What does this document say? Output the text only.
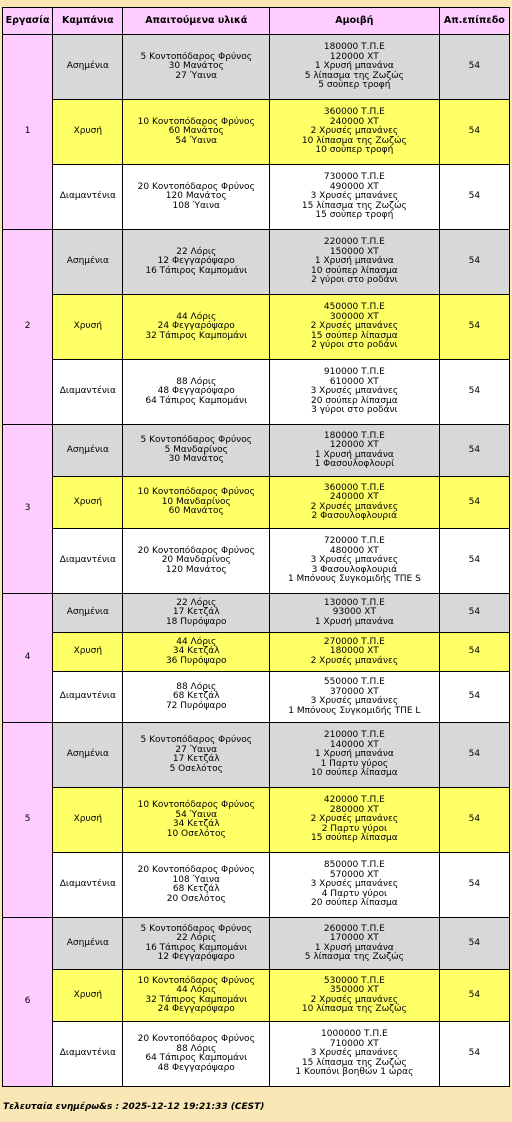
Εργασία	Καμπάνια	Απαιτούμενα υλικά	Αμοιβή	Απ.επίπεδο
1	Ασημένια	5 Κοντοπόδαρος Φρύνος
30 Μανάτος
27 Ύαινα	180000 Τ.Π.Ε
120000 ΧΤ
1 Χρυσή μπανάνα
5 λίπασμα της Ζωζώς
5 σούπερ τροφή	54
	Χρυσή	10 Κοντοπόδαρος Φρύνος
60 Μανάτος
54 Ύαινα	360000 Τ.Π.Ε
240000 ΧΤ
2 Χρυσές μπανάνες
10 λίπασμα της Ζωζώς
10 σούπερ τροφή	54
	Διαμαντένια	20 Κοντοπόδαρος Φρύνος
120 Μανάτος
108 Ύαινα	730000 Τ.Π.Ε
490000 ΧΤ
3 Χρυσές μπανάνες
15 λίπασμα της Ζωζώς
15 σούπερ τροφή	54
2	Ασημένια	22 Λόρις
12 Φεγγαρόψαρο
16 Τάπιρος Καμπομάνι	220000 Τ.Π.Ε
150000 ΧΤ
1 Χρυσή μπανάνα
10 σούπερ λίπασμα
2 γύροι στο ροδάνι	54
	Χρυσή	44 Λόρις
24 Φεγγαρόψαρο
32 Τάπιρος Καμπομάνι	450000 Τ.Π.Ε
300000 ΧΤ
2 Χρυσές μπανάνες
15 σούπερ λίπασμα
2 γύροι στο ροδάνι	54
	Διαμαντένια	88 Λόρις
48 Φεγγαρόψαρο
64 Τάπιρος Καμπομάνι	910000 Τ.Π.Ε
610000 ΧΤ
3 Χρυσές μπανάνες
20 σούπερ λίπασμα
3 γύροι στο ροδάνι	54
3	Ασημένια	5 Κοντοπόδαρος Φρύνος
5 Μανδαρίνος
30 Μανάτος	180000 Τ.Π.Ε
120000 ΧΤ
1 Χρυσή μπανάνα
1 Φασουλοφλουρί	54
	Χρυσή	10 Κοντοπόδαρος Φρύνος
10 Μανδαρίνος
60 Μανάτος	360000 Τ.Π.Ε
240000 ΧΤ
2 Χρυσές μπανάνες
2 Φασουλοφλουριά	54
	Διαμαντένια	20 Κοντοπόδαρος Φρύνος
20 Μανδαρίνος
120 Μανάτος	720000 Τ.Π.Ε
480000 ΧΤ
3 Χρυσές μπανάνες
3 Φασουλοφλουριά
1 Μπόνους Συγκομιδής ΤΠΕ S	54
4	Ασημένια	22 Λόρις
17 Κετζάλ
18 Πυρόψαρο	130000 Τ.Π.Ε
93000 ΧΤ
1 Χρυσή μπανάνα	54
	Χρυσή	44 Λόρις
34 Κετζάλ
36 Πυρόψαρο	270000 Τ.Π.Ε
180000 ΧΤ
2 Χρυσές μπανάνες	54
	Διαμαντένια	88 Λόρις
68 Κετζάλ
72 Πυρόψαρο	550000 Τ.Π.Ε
370000 ΧΤ
3 Χρυσές μπανάνες
1 Μπόνους Συγκομιδής ΤΠΕ L	54
5	Ασημένια	5 Κοντοπόδαρος Φρύνος
27 Ύαινα
17 Κετζάλ
5 Οσελότος	210000 Τ.Π.Ε
140000 ΧΤ
1 Χρυσή μπανάνα
1 Παρτυ γύρος
10 σούπερ λίπασμα	54
	Χρυσή	10 Κοντοπόδαρος Φρύνος
54 Ύαινα
34 Κετζάλ
10 Οσελότος	420000 Τ.Π.Ε
280000 ΧΤ
2 Χρυσές μπανάνες
2 Παρτυ γύροι
15 σούπερ λίπασμα	54
	Διαμαντένια	20 Κοντοπόδαρος Φρύνος
108 Ύαινα
68 Κετζάλ
20 Οσελότος	850000 Τ.Π.Ε
570000 ΧΤ
3 Χρυσές μπανάνες
4 Παρτυ γύροι
20 σούπερ λίπασμα	54
6	Ασημένια	5 Κοντοπόδαρος Φρύνος
22 Λόρις
16 Τάπιρος Καμπομάνι
12 Φεγγαρόψαρο	260000 Τ.Π.Ε
170000 ΧΤ
1 Χρυσή μπανάνα
5 λίπασμα της Ζωζώς	54
	Χρυσή	10 Κοντοπόδαρος Φρύνος
44 Λόρις
32 Τάπιρος Καμπομάνι
24 Φεγγαρόψαρο	530000 Τ.Π.Ε
350000 ΧΤ
2 Χρυσές μπανάνες
10 λίπασμα της Ζωζώς	54
	Διαμαντένια	20 Κοντοπόδαρος Φρύνος
88 Λόρις
64 Τάπιρος Καμπομάνι
48 Φεγγαρόψαρο	1000000 Τ.Π.Ε
710000 ΧΤ
3 Χρυσές μπανάνες
15 λίπασμα της Ζωζώς
1 Κουπόνι βοηθών 1 ώρας	54
Τελευταία ενημέρω&s : 2025-12-12 19:21:33 (CEST)
